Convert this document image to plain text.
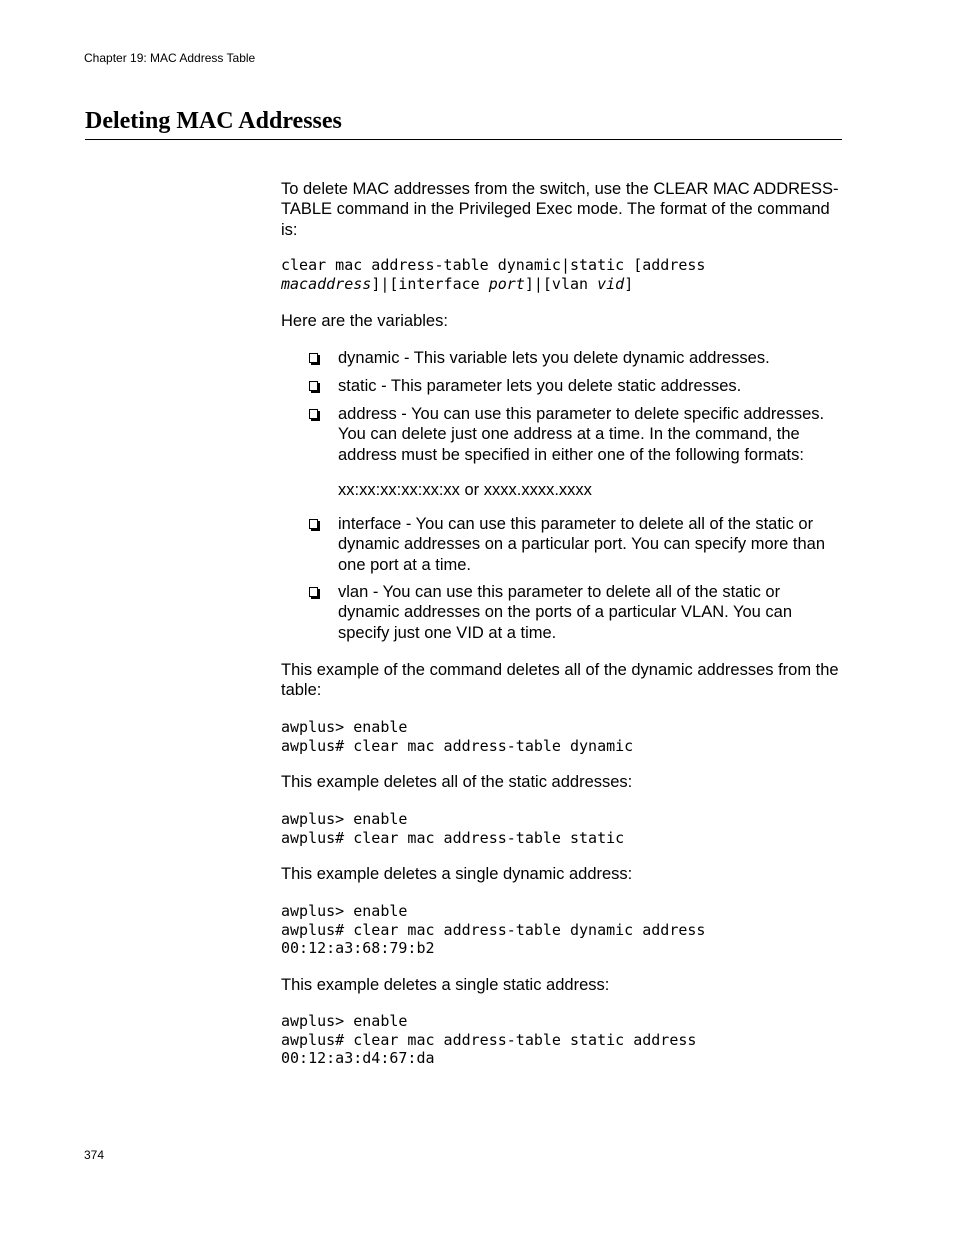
Chapter 19: MAC Address Table
Deleting MAC Addresses

To delete MAC addresses from the switch, use the CLEAR MAC ADDRESS-TABLE command in the Privileged Exec mode. The format of the command is:

clear mac address-table dynamic|static [address
macaddress]|[interface port]|[vlan vid]

Here are the variables:

dynamic - This variable lets you delete dynamic addresses.

static - This parameter lets you delete static addresses.

address - You can use this parameter to delete specific addresses. You can delete just one address at a time. In the command, the address must be specified in either one of the following formats:

xx:xx:xx:xx:xx:xx or xxxx.xxxx.xxxx

interface - You can use this parameter to delete all of the static or dynamic addresses on a particular port. You can specify more than one port at a time.

vlan - You can use this parameter to delete all of the static or dynamic addresses on the ports of a particular VLAN. You can specify just one VID at a time.

This example of the command deletes all of the dynamic addresses from the table:

awplus> enable
awplus# clear mac address-table dynamic

This example deletes all of the static addresses:

awplus> enable
awplus# clear mac address-table static

This example deletes a single dynamic address:

awplus> enable
awplus# clear mac address-table dynamic address
00:12:a3:68:79:b2

This example deletes a single static address:

awplus> enable
awplus# clear mac address-table static address
00:12:a3:d4:67:da
374
